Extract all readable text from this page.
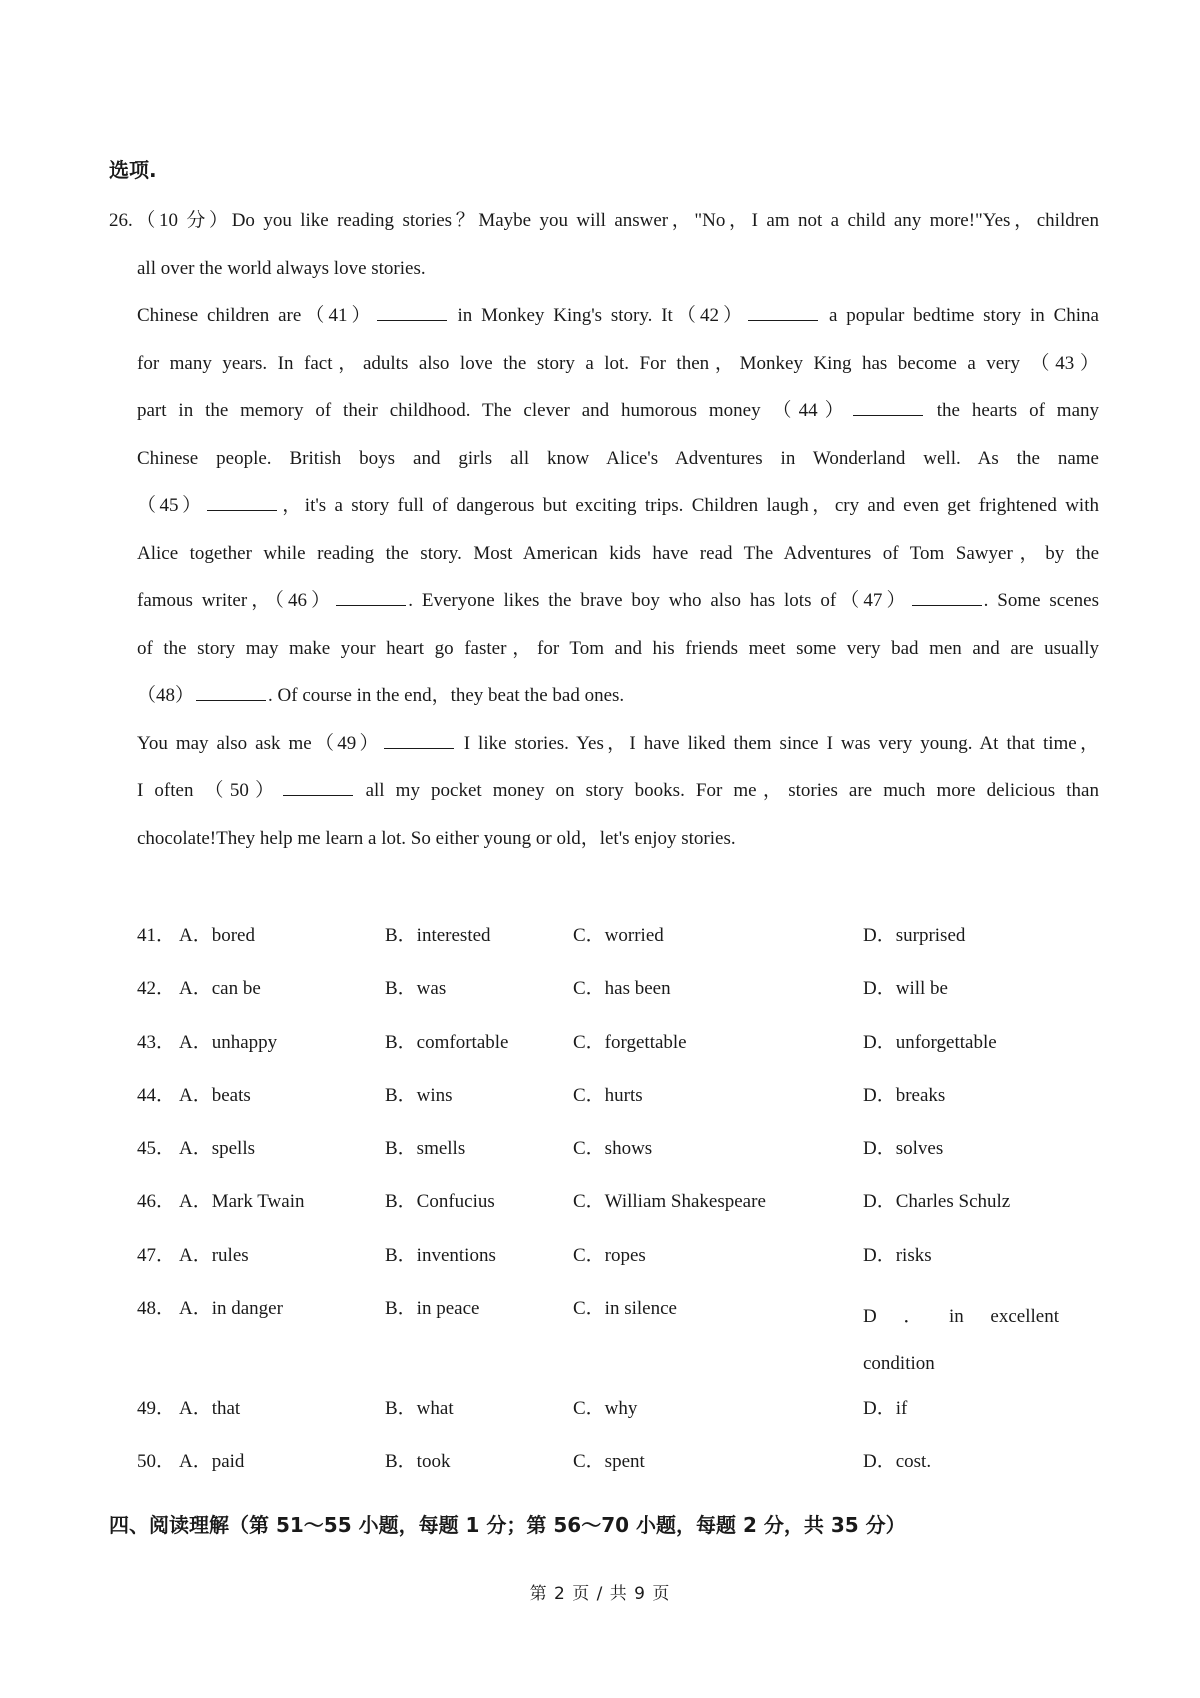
选项.
26.（10 分）Do you like reading stories？Maybe you will answer，"No，I am not a child any more!"Yes，children
all over the world always love stories.
Chinese children are（41）	in Monkey King's story. It（42）	a popular bedtime story in China
for many years. In fact，adults also love the story a lot. For then，Monkey King has become a very （43）
part in the memory of their childhood. The clever and humorous money （44）	the hearts of many
Chinese people. British boys and girls all know Alice's Adventures in Wonderland well. As the name
（45）	，it's a story full of dangerous but exciting trips. Children laugh，cry and even get frightened with
Alice together while reading the story. Most American kids have read The Adventures of Tom Sawyer，by the
famous writer，（46）	. Everyone likes the brave boy who also has lots of（47）	. Some scenes
of the story may make your heart go faster，for Tom and his friends meet some very bad men and are usually
（48）	. Of course in the end，they beat the bad ones.
You may also ask me（49）	I like stories. Yes，I have liked them since I was very young. At that time，
I often （50）	all my pocket money on story books. For me，stories are much more delicious than
chocolate!They help me learn a lot. So either young or old，let's enjoy stories.
41． A．bored	B．interested	C．worried	D．surprised
42． A．can be	B．was	C．has been	D．will be
43． A．unhappy	B．comfortable	C．forgettable	D．unforgettable
44． A．beats	B．wins	C．hurts	D．breaks
45． A．spells	B．smells	C．shows	D．solves
46． A．Mark Twain	B．Confucius	C．William Shakespeare	D．Charles Schulz
47． A．rules	B．inventions	C．ropes	D．risks
48． A．in danger	B．in peace	C．in silence	D ． in excellent
condition
49． A．that	B．what	C．why	D．if
50． A．paid	B．took	C．spent	D．cost.
四、阅读理解（第 51～55 小题，每题 1 分；第 56～70 小题，每题 2 分，共 35 分）
第 2 页 / 共 9 页
